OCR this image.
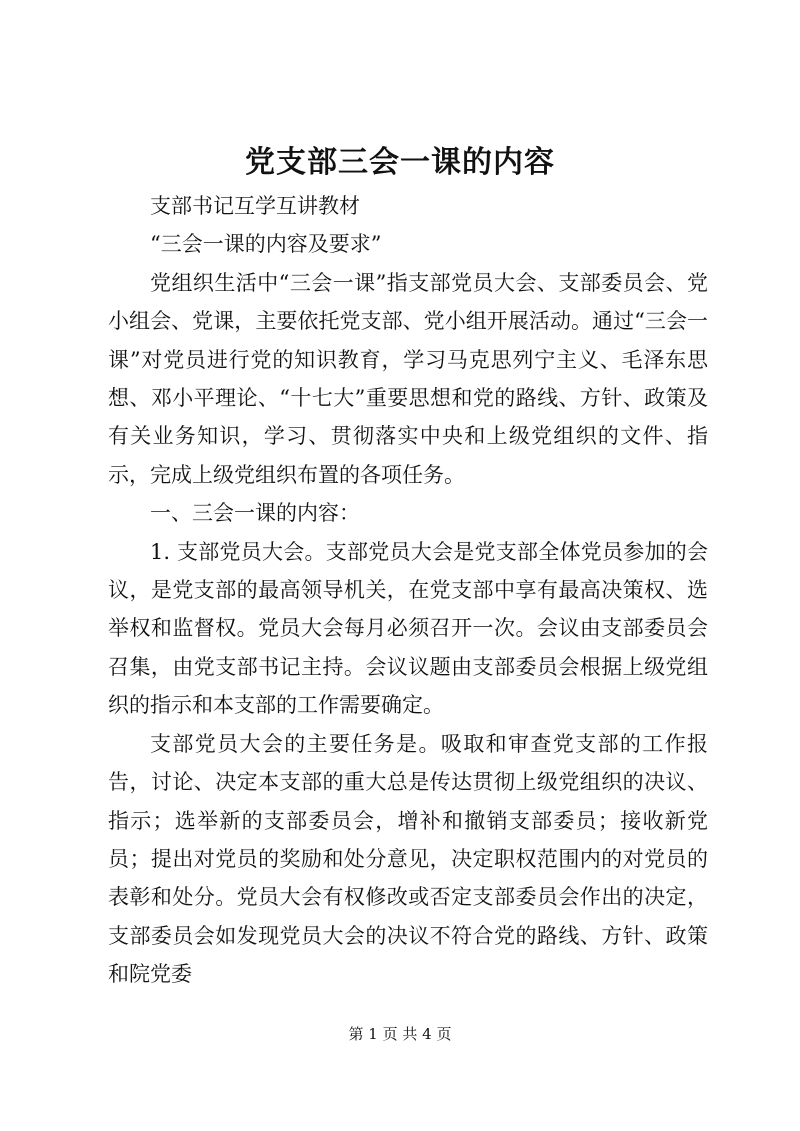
党支部三会一课的内容

支部书记互学互讲教材

“三会一课的内容及要求”

党组织生活中“三会一课”指支部党员大会、支部委员会、党小组会、党课，主要依托党支部、党小组开展活动。通过“三会一课”对党员进行党的知识教育，学习马克思列宁主义、毛泽东思想、邓小平理论、“十七大”重要思想和党的路线、方针、政策及有关业务知识，学习、贯彻落实中央和上级党组织的文件、指示，完成上级党组织布置的各项任务。

一、三会一课的内容：

1. 支部党员大会。支部党员大会是党支部全体党员参加的会议，是党支部的最高领导机关，在党支部中享有最高决策权、选举权和监督权。党员大会每月必须召开一次。会议由支部委员会召集，由党支部书记主持。会议议题由支部委员会根据上级党组织的指示和本支部的工作需要确定。

支部党员大会的主要任务是。吸取和审查党支部的工作报告，讨论、决定本支部的重大总是传达贯彻上级党组织的决议、指示；选举新的支部委员会，增补和撤销支部委员；接收新党员；提出对党员的奖励和处分意见，决定职权范围内的对党员的表彰和处分。党员大会有权修改或否定支部委员会作出的决定，支部委员会如发现党员大会的决议不符合党的路线、方针、政策和院党委

第 1 页 共 4 页
